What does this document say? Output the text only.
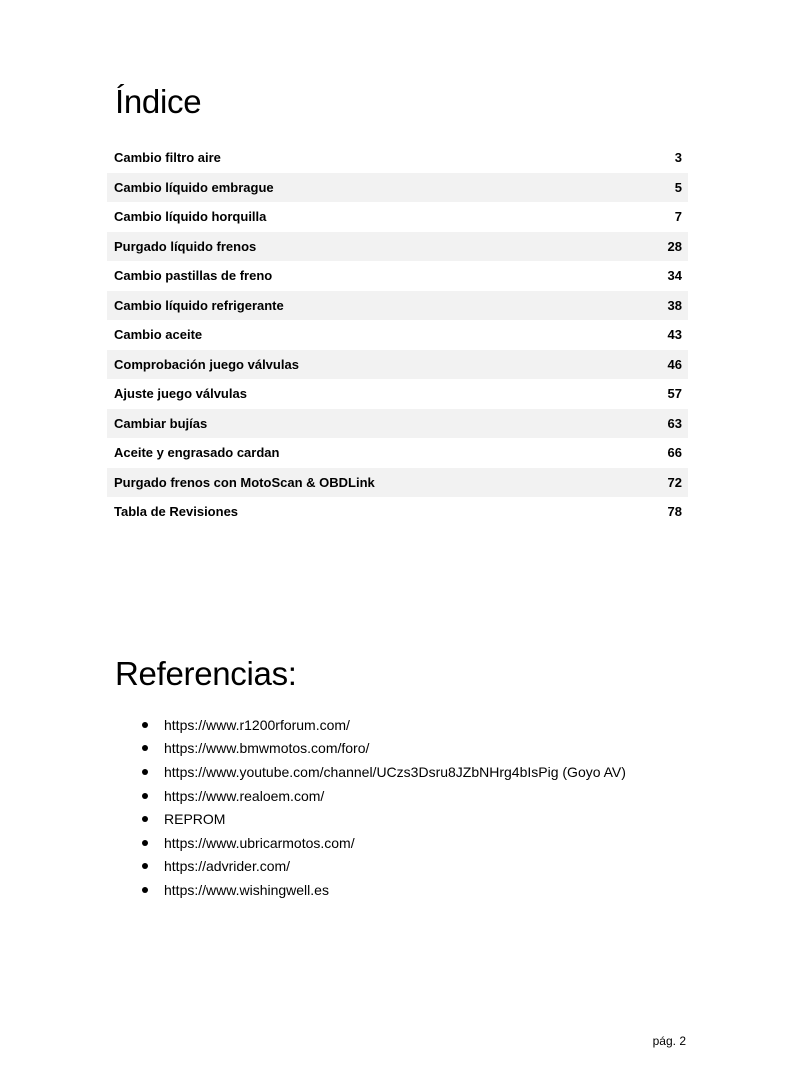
Índice
Cambio filtro aire	3
Cambio líquido embrague	5
Cambio líquido horquilla	7
Purgado líquido frenos	28
Cambio pastillas de freno	34
Cambio líquido refrigerante	38
Cambio aceite	43
Comprobación juego válvulas	46
Ajuste juego válvulas	57
Cambiar bujías	63
Aceite y engrasado cardan	66
Purgado frenos con MotoScan & OBDLink	72
Tabla de Revisiones	78
Referencias:
https://www.r1200rforum.com/
https://www.bmwmotos.com/foro/
https://www.youtube.com/channel/UCzs3Dsru8JZbNHrg4bIsPig (Goyo AV)
https://www.realoem.com/
REPROM
https://www.ubricarmotos.com/
https://advrider.com/
https://www.wishingwell.es
pág. 2
